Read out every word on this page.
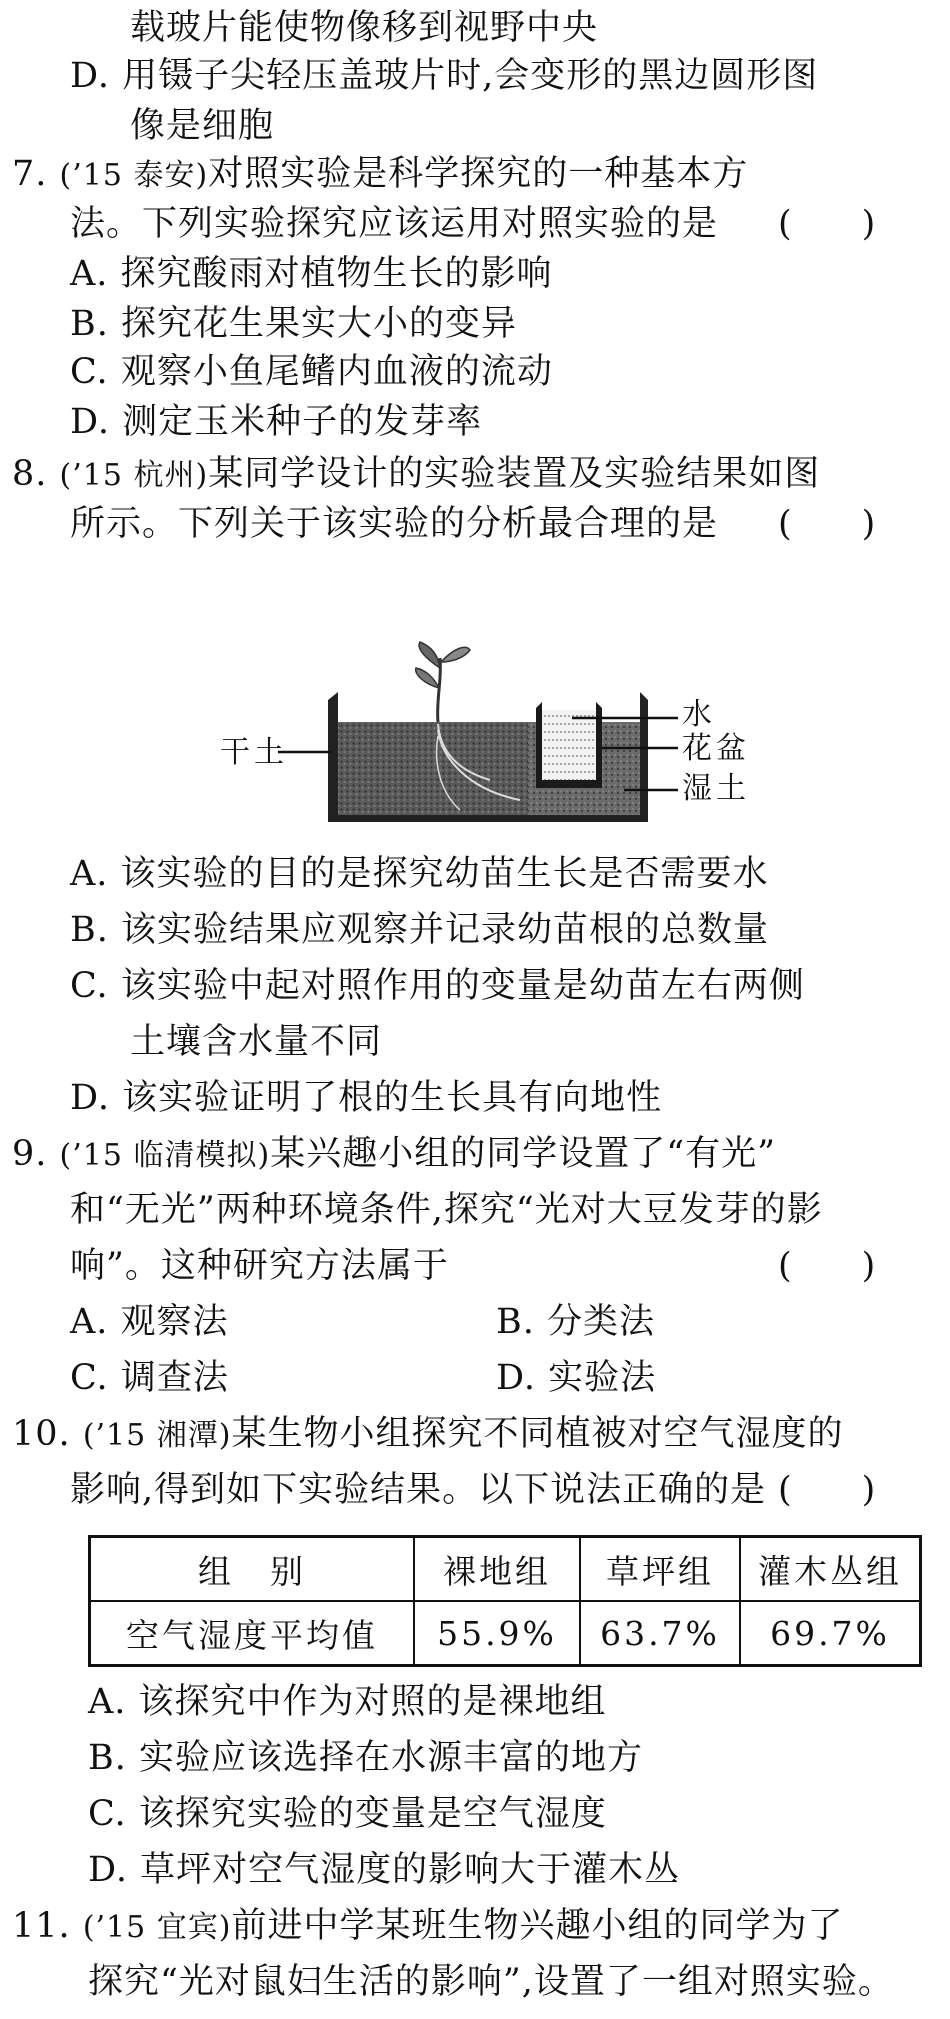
载玻片能使物像移到视野中央
D. 用镊子尖轻压盖玻片时,会变形的黑边圆形图
像是细胞
7. (’15 泰安)对照实验是科学探究的一种基本方
法。下列实验探究应该运用对照实验的是 (　　)
A. 探究酸雨对植物生长的影响
B. 探究花生果实大小的变异
C. 观察小鱼尾鳍内血液的流动
D. 测定玉米种子的发芽率
8. (’15 杭州)某同学设计的实验装置及实验结果如图
所示。下列关于该实验的分析最合理的是 (　　)
干土
水
花盆
湿土
A. 该实验的目的是探究幼苗生长是否需要水
B. 该实验结果应观察并记录幼苗根的总数量
C. 该实验中起对照作用的变量是幼苗左右两侧
土壤含水量不同
D. 该实验证明了根的生长具有向地性
9. (’15 临清模拟)某兴趣小组的同学设置了“有光”
和“无光”两种环境条件,探究“光对大豆发芽的影
响”。这种研究方法属于	(　　)
A. 观察法	B. 分类法
C. 调查法	D. 实验法
10. (’15 湘潭)某生物小组探究不同植被对空气湿度的
影响,得到如下实验结果。以下说法正确的是 (　　)
组　别	裸地组	草坪组	灌木丛组
空气湿度平均值	55.9%	63.7%	69.7%
A. 该探究中作为对照的是裸地组
B. 实验应该选择在水源丰富的地方
C. 该探究实验的变量是空气湿度
D. 草坪对空气湿度的影响大于灌木丛
11. (’15 宜宾)前进中学某班生物兴趣小组的同学为了
探究“光对鼠妇生活的影响”,设置了一组对照实验。
